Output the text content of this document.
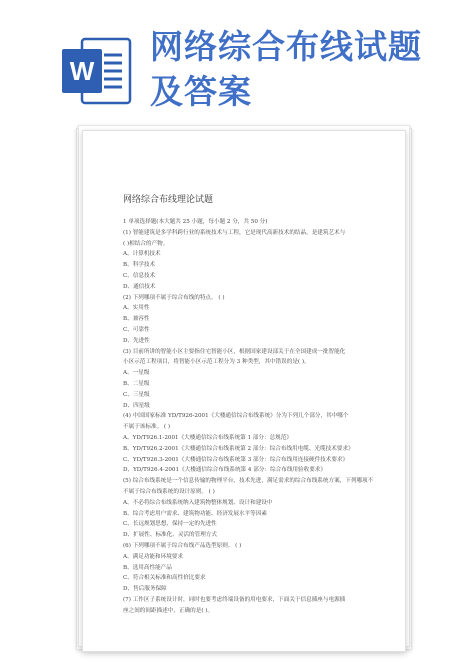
W
网络综合布线试题
及答案
网络综合布线理论试题
1 单项选择题(本大题共 25 小题，每小题 2 分，共 50 分)
(1) 智能建筑是多学科跨行业的系统技术与工程，它是现代高新技术的结晶，是建筑艺术与
( )相结合的产物。
A、计算机技术
B、科学技术
C、信息技术
D、通信技术
(2) 下列哪项不属于综合布线的特点。 ( )
A、实用性
B、兼容性
C、可靠性
D、先进性
(3) 目前所讲的智能小区主要指住宅智能小区，根据国家建设部关于在全国建成一批智能化
小区示范工程项目，将智能小区示范工程分为 3 种类型，其中错误的是( )。
A、一星级
B、二星级
C、三星级
D、四星级
(4) 中国国家标准 YD/T926-2001《大楼通信综合布线系统》分为下列几个部分，其中哪个
不属于该标准。 ( )
A、YD/T926.1-2001《大楼通信综合布线系统第 1 部分：总规范》
B、YD/T926.2-2001《大楼通信综合布线系统第 2 部分：综合布线用电缆、光缆技术要求》
C、YD/T926.3-2001《大楼通信综合布线系统第 3 部分：综合布线用连接硬件技术要求》
D、YD/T926.4-2001《大楼通信综合布线系统第 4 部分：综合布线用验收要求》
(5) 综合布线系统是一个信息传输的物理平台，技术先进，满足需求的综合布线系统方案，下列哪项不
不属于综合布线系统的设计原则。 ( )
A、不必将综合布线系统纳入建筑物整体规划、设计和建设中
B、综合考虑用户需求、建筑物功能、经济发展水平等因素
C、长远规划思想，保持一定的先进性
D、扩展性、标准化、灵活的管理方式
(6) 下列哪项不属于综合布线产品选型原则。 ( )
A、满足功能和环境要求
B、选用高性能产品
C、符合相关标准和高性价比要求
D、售后服务保障
(7) 工作区子系统设计时，同时也要考虑终端设备的用电要求，下面关于信息插座与电源插
座之间的间距描述中，正确的是( )。
